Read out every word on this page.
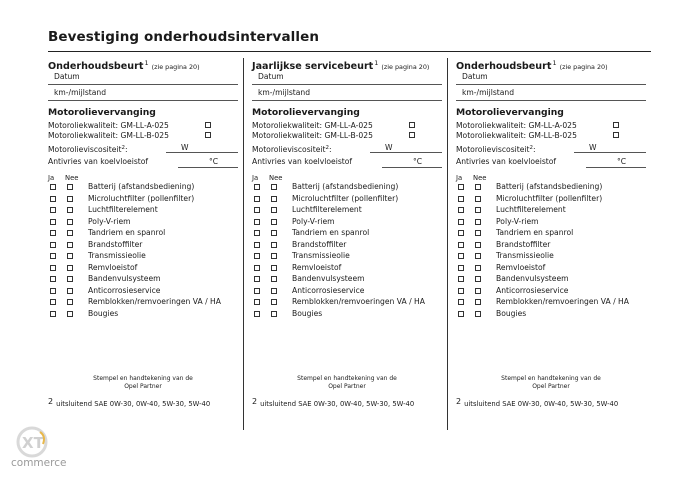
Bevestiging onderhoudsintervallen
Onderhoudsbeurt$^1$ (zie pagina 20)
Datum
km-/mijlstand
Motorolievervanging
Motoroliekwaliteit: GM-LL-A-025
Motoroliekwaliteit: GM-LL-B-025
Motorolieviscositeit$^2$:	W
Antivries van koelvloeistof	°C
Ja Nee
Batterij (afstandsbediening)
Microluchtfilter (pollenfilter)
Luchtfilterelement
Poly-V-riem
Tandriem en spanrol
Brandstoffilter
Transmissieolie
Remvloeistof
Bandenvulsysteem
Anticorrosieservice
Remblokken/remvoeringen VA / HA
Bougies
Stempel en handtekening van de
Opel Partner
$^2$ uitsluitend SAE 0W-30, 0W-40, 5W-30, 5W-40
Jaarlijkse servicebeurt$^1$ (zie pagina 20)
Datum
km-/mijlstand
Motorolievervanging
Motoroliekwaliteit: GM-LL-A-025
Motoroliekwaliteit: GM-LL-B-025
Motorolieviscositeit$^2$:	W
Antivries van koelvloeistof	°C
Ja Nee
Batterij (afstandsbediening)
Microluchtfilter (pollenfilter)
Luchtfilterelement
Poly-V-riem
Tandriem en spanrol
Brandstoffilter
Transmissieolie
Remvloeistof
Bandenvulsysteem
Anticorrosieservice
Remblokken/remvoeringen VA / HA
Bougies
Stempel en handtekening van de
Opel Partner
$^2$ uitsluitend SAE 0W-30, 0W-40, 5W-30, 5W-40
Onderhoudsbeurt$^1$ (zie pagina 20)
Datum
km-/mijlstand
Motorolievervanging
Motoroliekwaliteit: GM-LL-A-025
Motoroliekwaliteit: GM-LL-B-025
Motorolieviscositeit$^2$:	W
Antivries van koelvloeistof	°C
Ja Nee
Batterij (afstandsbediening)
Microluchtfilter (pollenfilter)
Luchtfilterelement
Poly-V-riem
Tandriem en spanrol
Brandstoffilter
Transmissieolie
Remvloeistof
Bandenvulsysteem
Anticorrosieservice
Remblokken/remvoeringen VA / HA
Bougies
Stempel en handtekening van de
Opel Partner
$^2$ uitsluitend SAE 0W-30, 0W-40, 5W-30, 5W-40
XT
commerce
